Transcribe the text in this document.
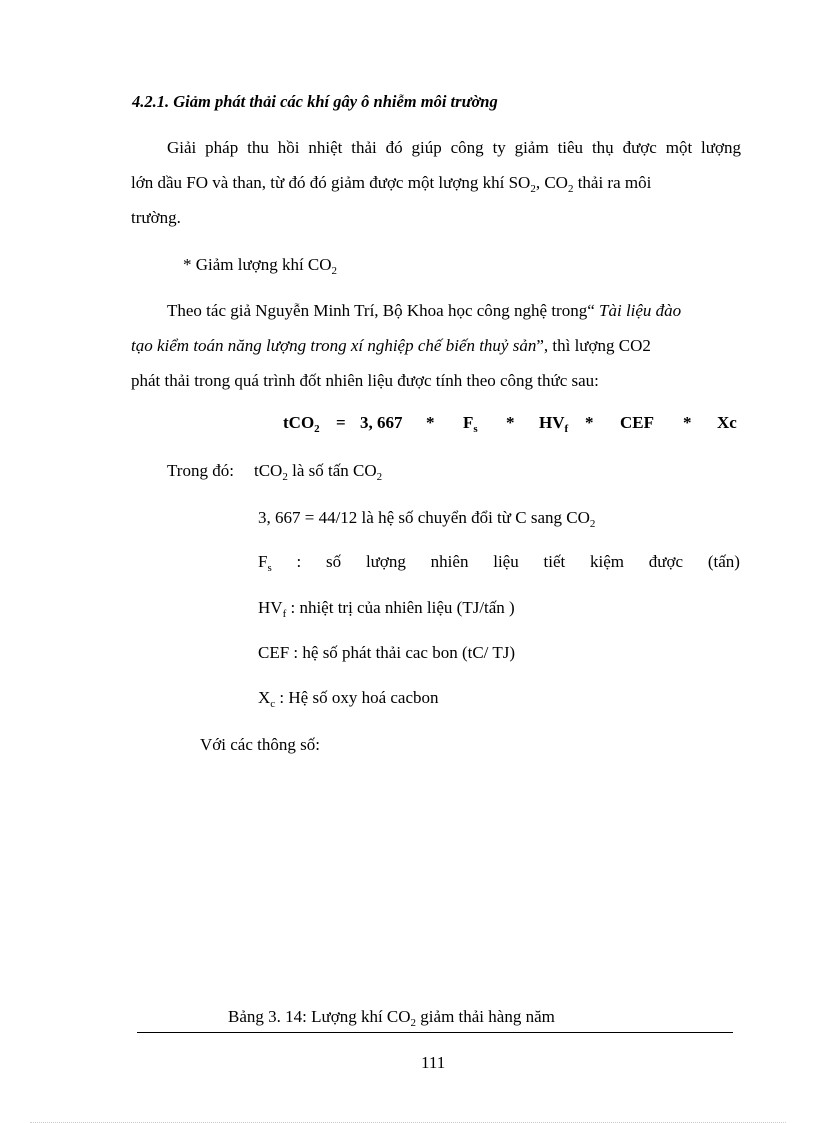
4.2.1. Giảm phát thải các khí gây ô nhiễm môi trường
Giải pháp thu hồi nhiệt thải đó giúp công ty giảm tiêu thụ được một lượng
lớn dầu FO và than, từ đó đó giảm được một lượng khí $SO_2$, $CO_2$ thải ra môi
trường.
* Giảm lượng khí $CO_2$
Theo tác giả Nguyễn Minh Trí, Bộ Khoa học công nghệ trong“ Tài liệu đào
tạo kiểm toán năng lượng trong xí nghiệp chế biến thuỷ sản”, thì lượng CO2
phát thải trong quá trình đốt nhiên liệu được tính theo công thức sau:
tCO$_2$ = 3, $667 * F_s * HV_f$ * CEF * Xc
Trong đó: tCO$_2$ là số tấn $CO_2$
3, 667 = 44/12 là hệ số chuyển đổi từ C sang $CO_2$
$F_s$ : số lượng nhiên liệu tiết kiệm được (tấn)
$HV_f$ : nhiệt trị của nhiên liệu (TJ/tấn )
CEF : hệ số phát thải cac bon (tC/ TJ)
$X_c$ : Hệ số oxy hoá cacbon
Với các thông số:
Bảng 3. 14: Lượng khí $CO_2$ giảm thải hàng năm
111
